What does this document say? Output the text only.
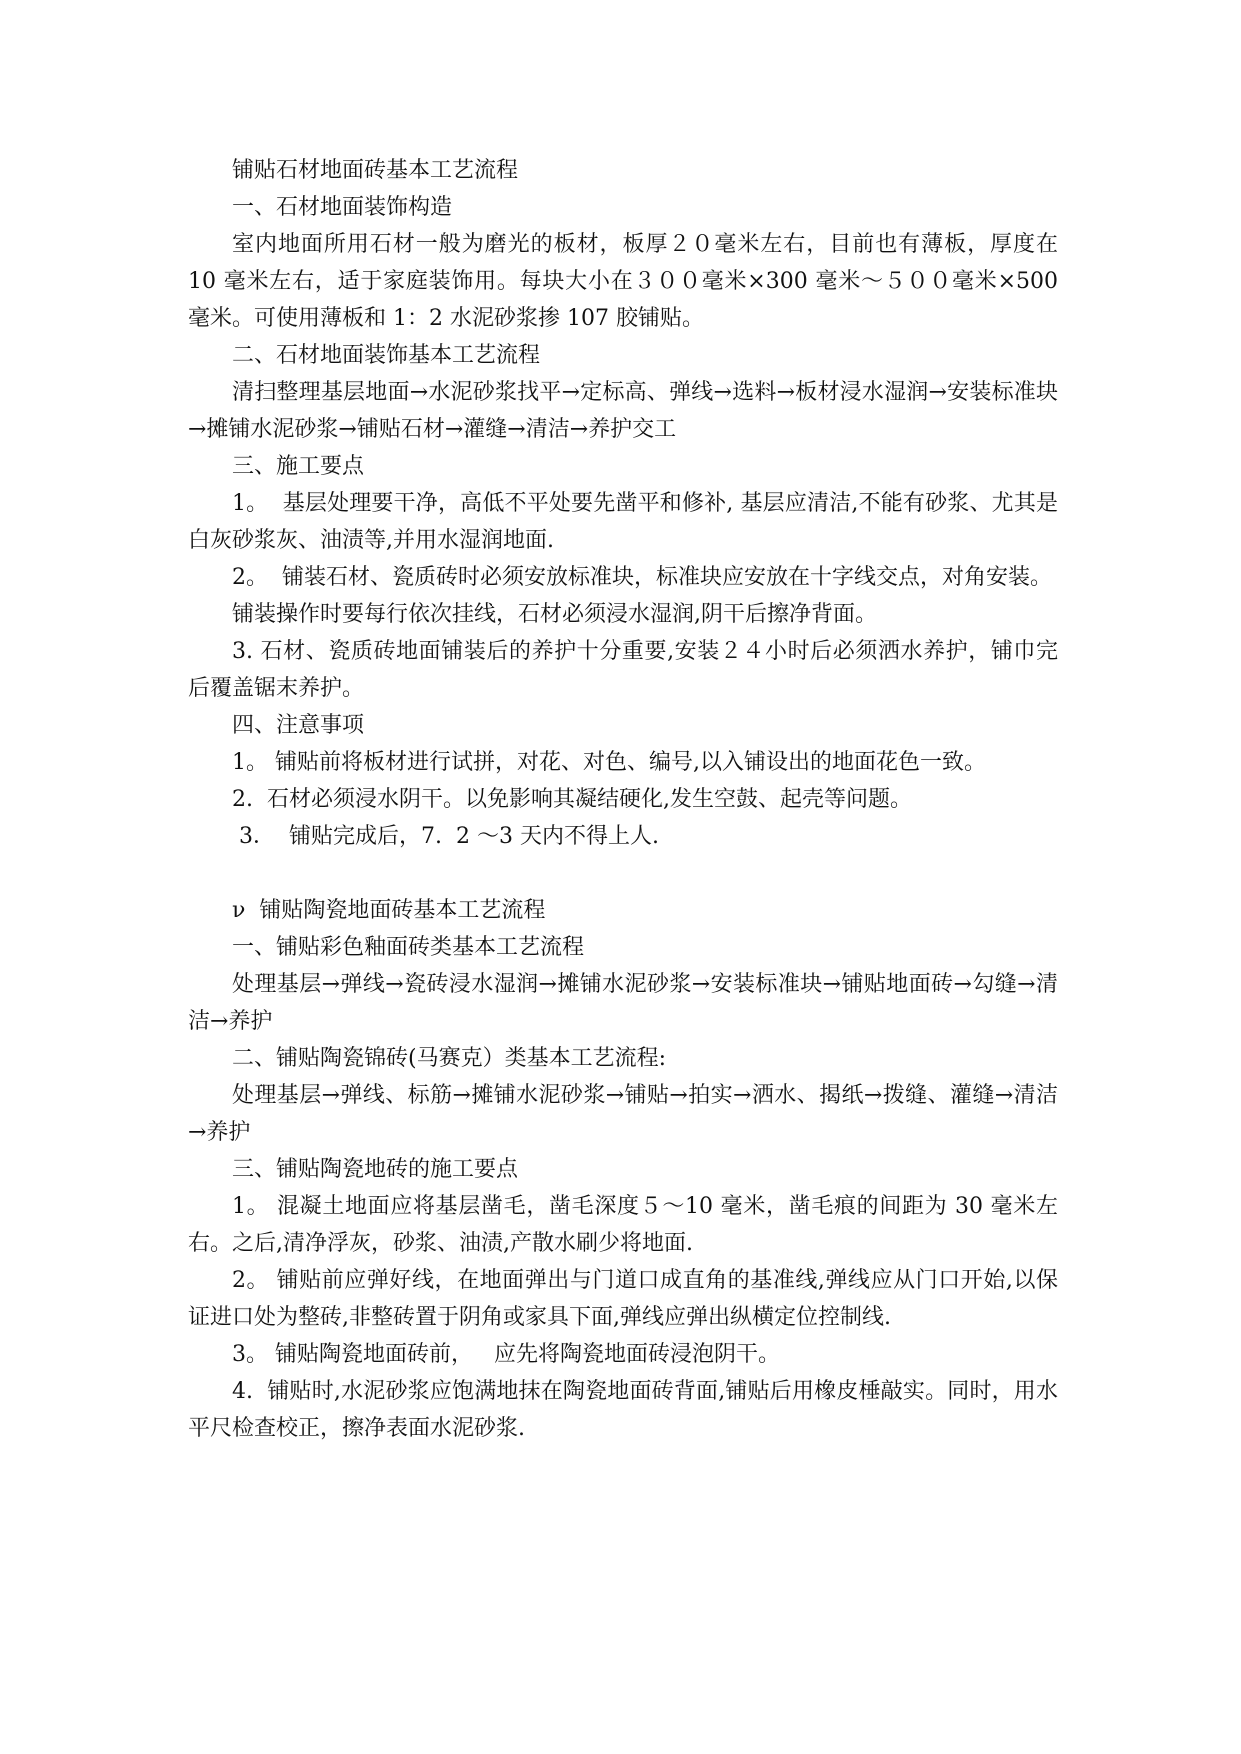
铺贴石材地面砖基本工艺流程

一、石材地面装饰构造

室内地面所用石材一般为磨光的板材，板厚２０毫米左右，目前也有薄板，厚度在 10 毫米左右，适于家庭装饰用。每块大小在３００毫米×300 毫米～５００毫米×500 毫米。可使用薄板和 1：2 水泥砂浆掺 107 胶铺贴。

二、石材地面装饰基本工艺流程

清扫整理基层地面→水泥砂浆找平→定标高、弹线→选料→板材浸水湿润→安装标准块→摊铺水泥砂浆→铺贴石材→灌缝→清洁→养护交工

三、施工要点

1。  基层处理要干净，高低不平处要先凿平和修补, 基层应清洁,不能有砂浆、尤其是白灰砂浆灰、油渍等,并用水湿润地面.

2。  铺装石材、瓷质砖时必须安放标准块，标准块应安放在十字线交点，对角安装。

铺装操作时要每行依次挂线，石材必须浸水湿润,阴干后擦净背面。

3. 石材、瓷质砖地面铺装后的养护十分重要,安装２４小时后必须洒水养护，铺巾完后覆盖锯末养护。

四、注意事项

1。 铺贴前将板材进行试拼，对花、对色、编号,以入铺设出的地面花色一致。

2.  石材必须浸水阴干。以免影响其凝结硬化,发生空鼓、起壳等问题。

3．  铺贴完成后，7.  2 ～3 天内不得上人.

ν  铺贴陶瓷地面砖基本工艺流程

一、铺贴彩色釉面砖类基本工艺流程

处理基层→弹线→瓷砖浸水湿润→摊铺水泥砂浆→安装标准块→铺贴地面砖→勾缝→清洁→养护

二、铺贴陶瓷锦砖(马赛克）类基本工艺流程:

处理基层→弹线、标筋→摊铺水泥砂浆→铺贴→拍实→洒水、揭纸→拨缝、灌缝→清洁→养护

三、铺贴陶瓷地砖的施工要点

1。 混凝土地面应将基层凿毛，凿毛深度５～10 毫米，凿毛痕的间距为 30 毫米左右。之后,清净浮灰，砂浆、油渍,产散水刷少将地面.

2。 铺贴前应弹好线，在地面弹出与门道口成直角的基准线,弹线应从门口开始,以保证进口处为整砖,非整砖置于阴角或家具下面,弹线应弹出纵横定位控制线.

3。 铺贴陶瓷地面砖前，   应先将陶瓷地面砖浸泡阴干。

4.  铺贴时,水泥砂浆应饱满地抹在陶瓷地面砖背面,铺贴后用橡皮棰敲实。同时，用水平尺检查校正，擦净表面水泥砂浆.
